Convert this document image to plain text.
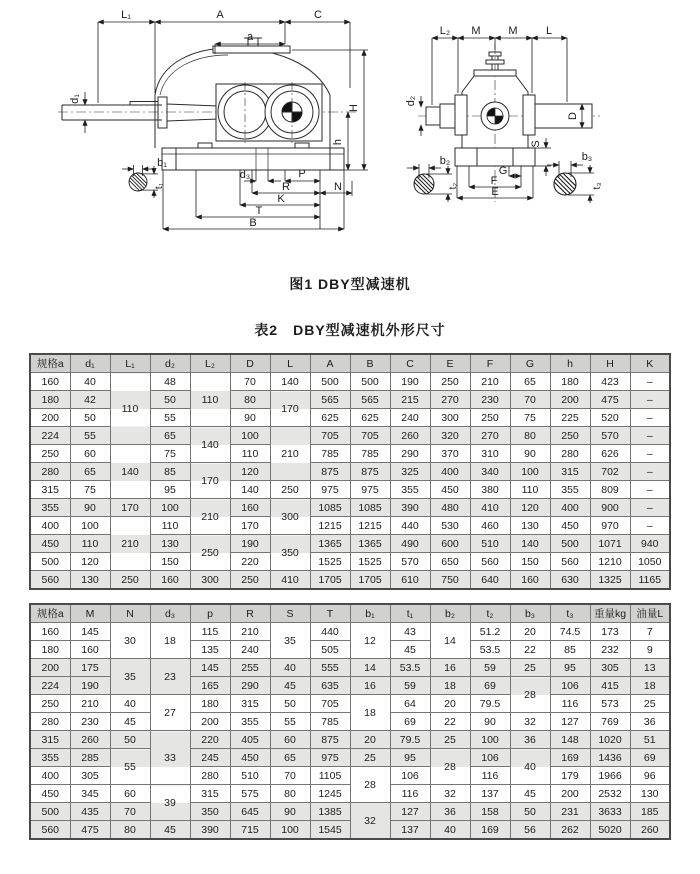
L₁	A	C
a
d₁
H
h
b₁
t₁
d₃	P
R	N
K
T
B
L₂ M	M	L
d₂
D
S
G
F
E
b₂
t₂
b₃
t₃
图1 DBY型减速机
表2　DBY型减速机外形尺寸
规格a	d₁	L₁	d₂	L₂	D	L	A	B	C	E	F	G	h	H	K
160	40	110	48	110	70	140	500	500	190	250	210	65	180	423	–
180	42		50		80	170	565	565	215	270	230	70	200	475	–
200	50		55		90		625	625	240	300	250	75	225	520	–
224	55		65	140	100	210	705	705	260	320	270	80	250	570	–
250	60	140	75		110		785	785	290	370	310	90	280	626	–
280	65		85	170	120		875	875	325	400	340	100	315	702	–
315	75		95		140	250	975	975	355	450	380	110	355	809	–
355	90	170	100	210	160	300	1085	1085	390	480	410	120	400	900	–
400	100	210	110		170		1215	1215	440	530	460	130	450	970	–
450	110		130	250	190	350	1365	1365	490	600	510	140	500	1071	940
500	120		150		220		1525	1525	570	650	560	150	560	1210	1050
560	130	250	160	300	250	410	1705	1705	610	750	640	160	630	1325	1165
规格a	M	N	d₃	p	R	S	T	b₁	t₁	b₂	t₂	b₃	t₃	重量kg	油量L
160	145	30	18	115	210	35	440	12	43	14	51.2	20	74.5	173	7
180	160			135	240		505		45		53.5	22	85	232	9
200	175	35	23	145	255	40	555	14	53.5	16	59	25	95	305	13
224	190			165	290	45	635	16	59	18	69	28	106	415	18
250	210	40	27	180	315	50	705	18	64	20	79.5		116	573	25
280	230	45		200	355	55	785		69	22	90	32	127	769	36
315	260	50	33	220	405	60	875	20	79.5	25	100	36	148	1020	51
355	285	55		245	450	65	975	25	95	28	106	40	169	1436	69
400	305			280	510	70	1105	28	106		116		179	1966	96
450	345	60	39	315	575	80	1245		116	32	137	45	200	2532	130
500	435	70		350	645	90	1385	32	127	36	158	50	231	3633	185
560	475	80	45	390	715	100	1545		137	40	169	56	262	5020	260
